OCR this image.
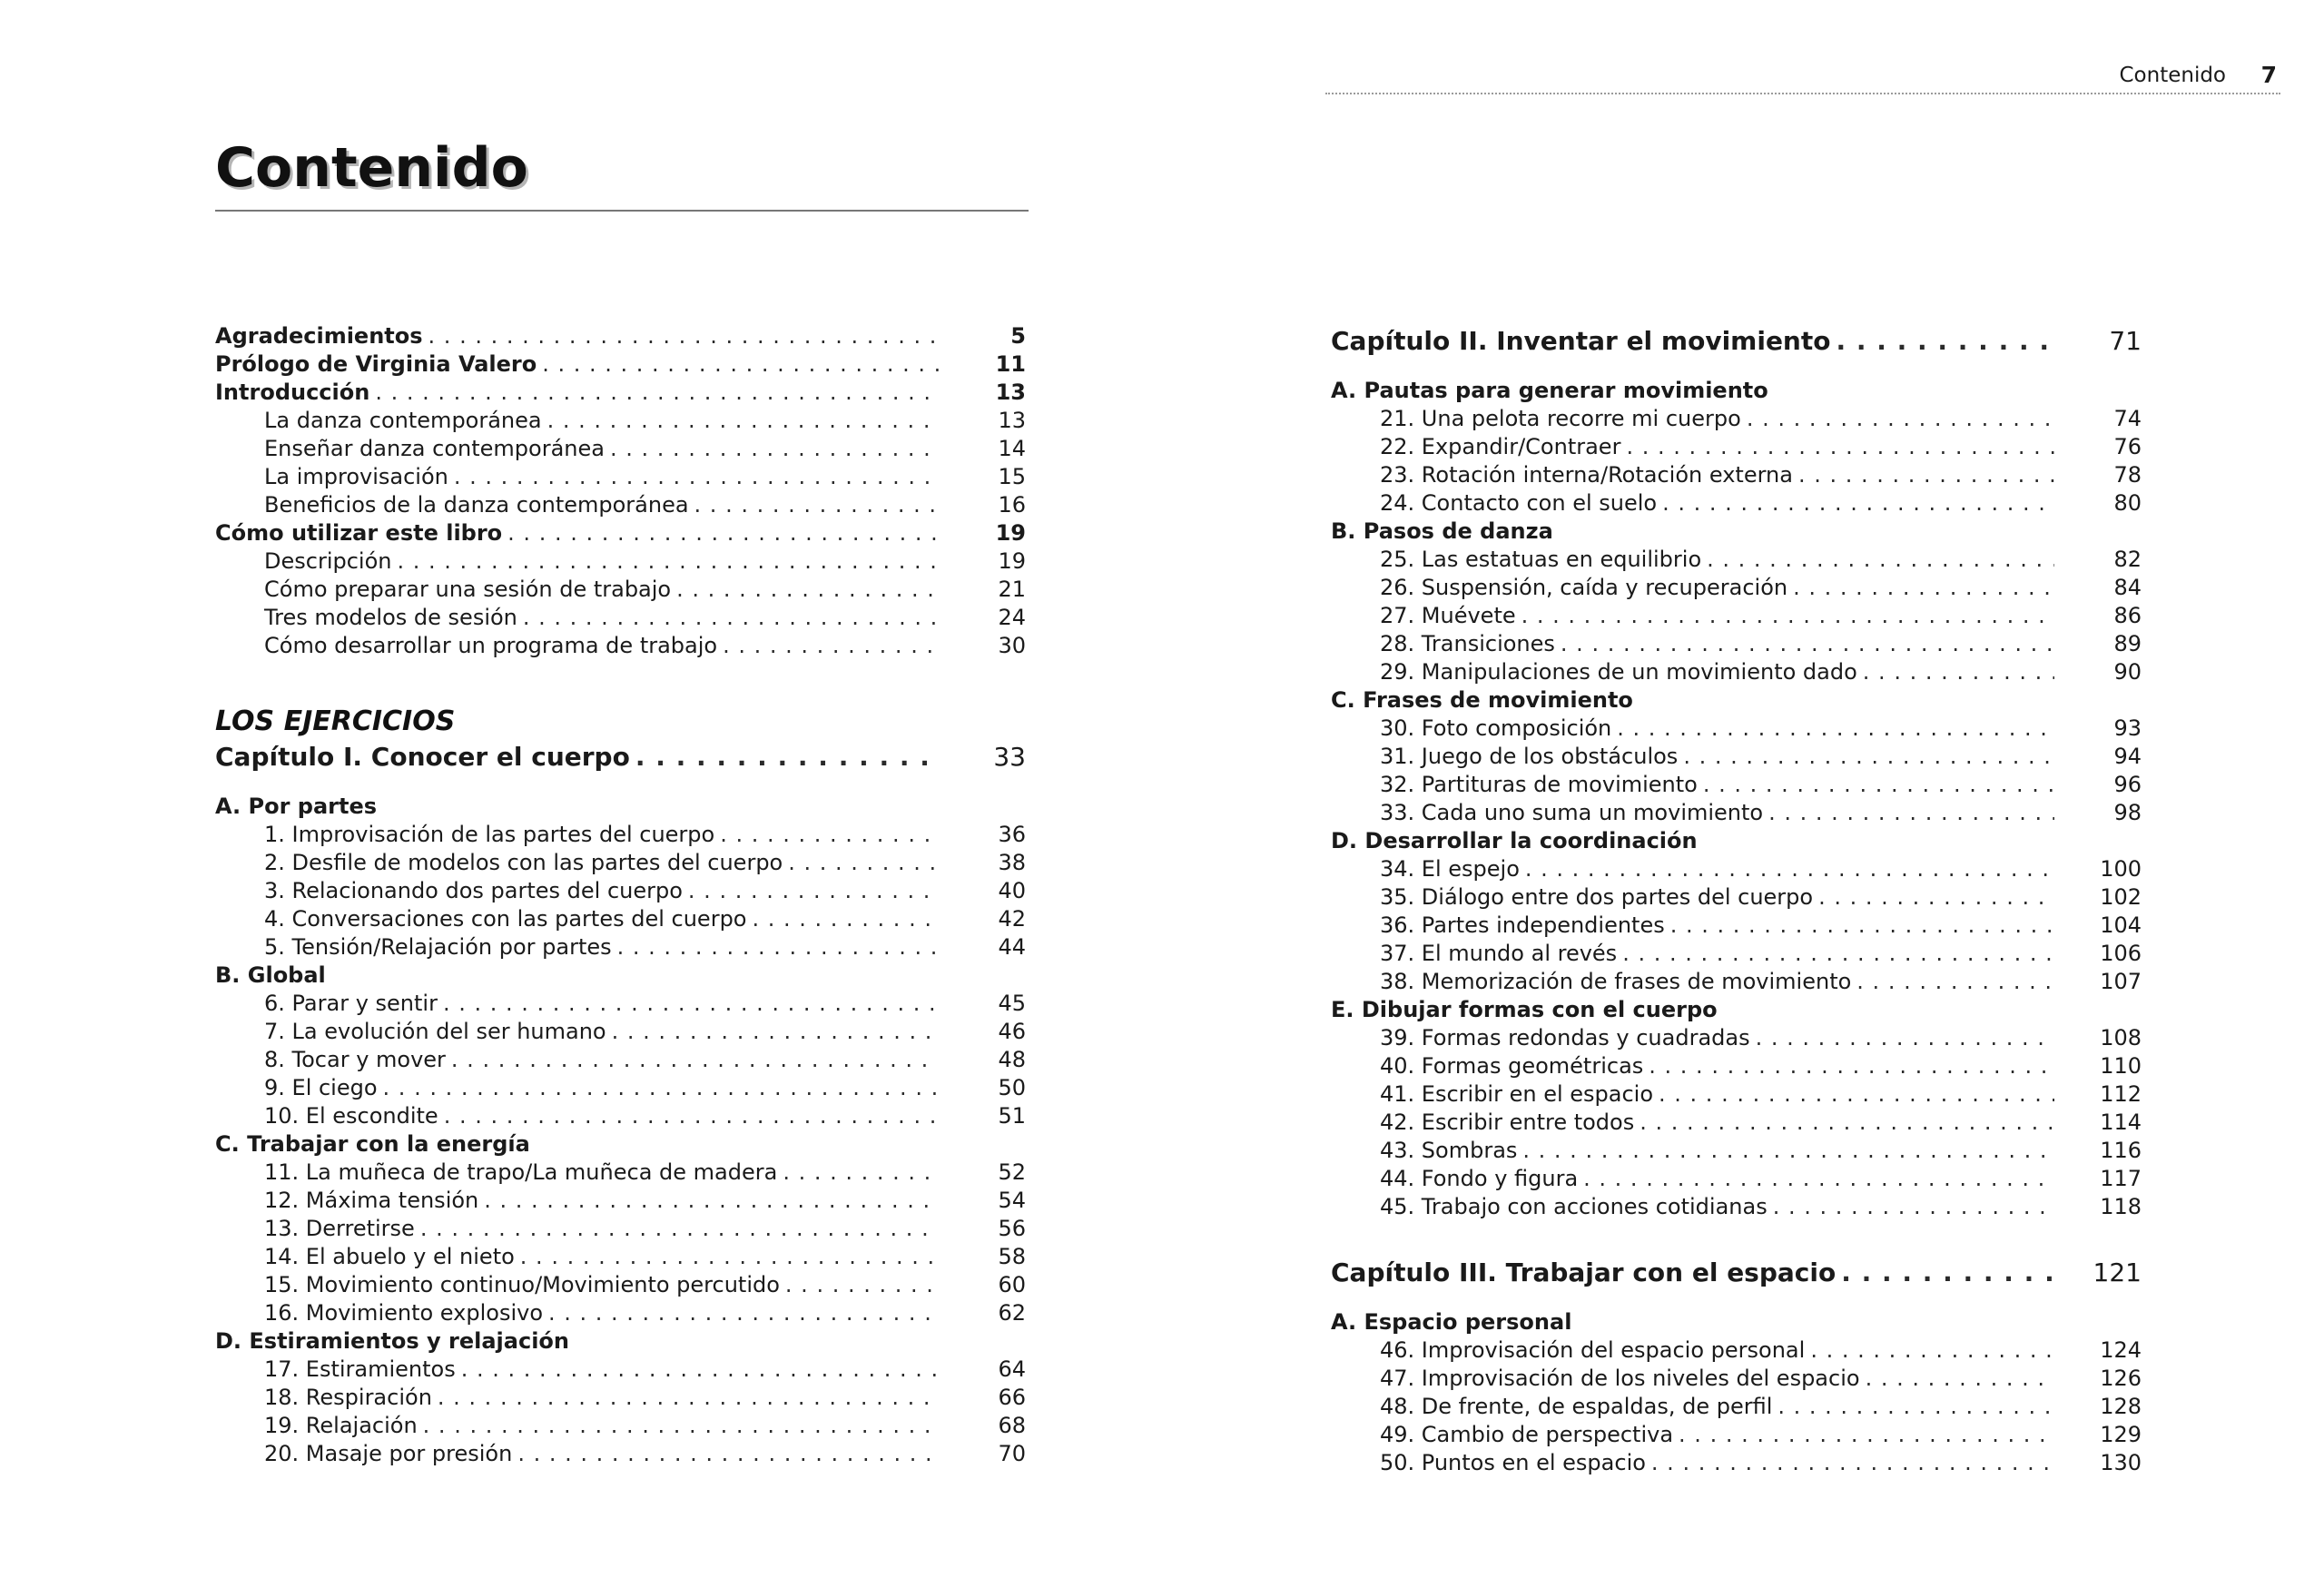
Contenido 7
Contenido
Agradecimientos . . .	5
Prólogo de Virginia Valero . . .	11
Introducción . . .	13
La danza contemporánea . . .	13
Enseñar danza contemporánea . . .	14
La improvisación . . .	15
Beneficios de la danza contemporánea . . .	16
Cómo utilizar este libro . . .	19
Descripción . . .	19
Cómo preparar una sesión de trabajo . . .	21
Tres modelos de sesión . . .	24
Cómo desarrollar un programa de trabajo . . .	30
LOS EJERCICIOS
Capítulo I. Conocer el cuerpo . . .	33
A. Por partes
1. Improvisación de las partes del cuerpo . . .	36
2. Desfile de modelos con las partes del cuerpo . . .	38
3. Relacionando dos partes del cuerpo . . .	40
4. Conversaciones con las partes del cuerpo . . .	42
5. Tensión/Relajación por partes . . .	44
B. Global
6. Parar y sentir . . .	45
7. La evolución del ser humano . . .	46
8. Tocar y mover . . .	48
9. El ciego . . .	50
10. El escondite . . .	51
C. Trabajar con la energía
11. La muñeca de trapo/La muñeca de madera . . .	52
12. Máxima tensión . . .	54
13. Derretirse . . .	56
14. El abuelo y el nieto . . .	58
15. Movimiento continuo/Movimiento percutido . . .	60
16. Movimiento explosivo . . .	62
D. Estiramientos y relajación
17. Estiramientos . . .	64
18. Respiración . . .	66
19. Relajación . . .	68
20. Masaje por presión . . .	70
Capítulo II. Inventar el movimiento . . .	71
A. Pautas para generar movimiento
21. Una pelota recorre mi cuerpo . . .	74
22. Expandir/Contraer . . .	76
23. Rotación interna/Rotación externa . . .	78
24. Contacto con el suelo . . .	80
B. Pasos de danza
25. Las estatuas en equilibrio . . .	82
26. Suspensión, caída y recuperación . . .	84
27. Muévete . . .	86
28. Transiciones . . .	89
29. Manipulaciones de un movimiento dado . . .	90
C. Frases de movimiento
30. Foto composición . . .	93
31. Juego de los obstáculos . . .	94
32. Partituras de movimiento . . .	96
33. Cada uno suma un movimiento . . .	98
D. Desarrollar la coordinación
34. El espejo . . .	100
35. Diálogo entre dos partes del cuerpo . . .	102
36. Partes independientes . . .	104
37. El mundo al revés . . .	106
38. Memorización de frases de movimiento . . .	107
E. Dibujar formas con el cuerpo
39. Formas redondas y cuadradas . . .	108
40. Formas geométricas . . .	110
41. Escribir en el espacio . . .	112
42. Escribir entre todos . . .	114
43. Sombras . . .	116
44. Fondo y figura . . .	117
45. Trabajo con acciones cotidianas . . .	118
Capítulo III. Trabajar con el espacio . . .	121
A. Espacio personal
46. Improvisación del espacio personal . . .	124
47. Improvisación de los niveles del espacio . . .	126
48. De frente, de espaldas, de perfil . . .	128
49. Cambio de perspectiva . . .	129
50. Puntos en el espacio . . .	130
